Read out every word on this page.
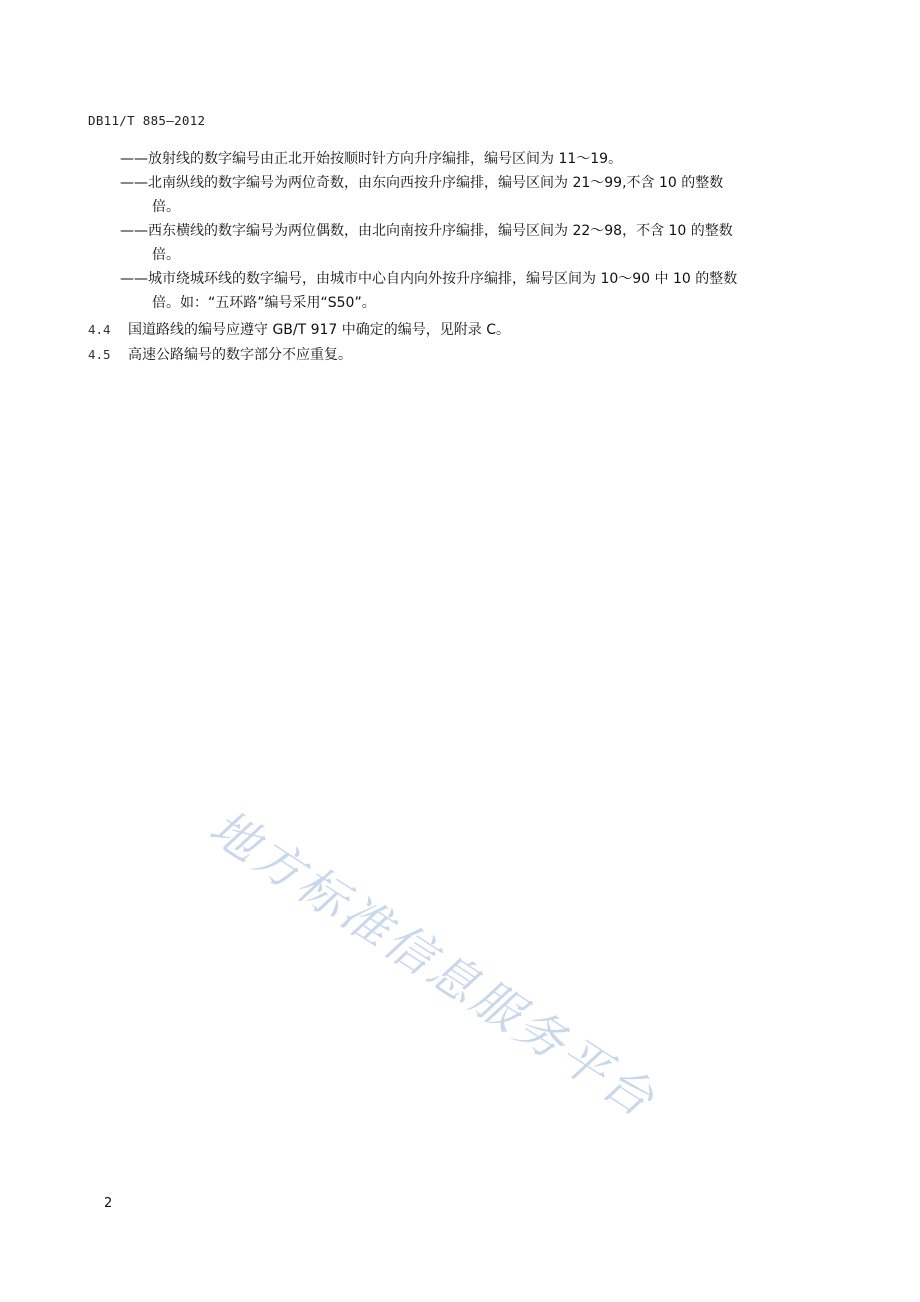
DB11/T 885—2012
——放射线的数字编号由正北开始按顺时针方向升序编排，编号区间为 11～19。
——北南纵线的数字编号为两位奇数，由东向西按升序编排，编号区间为 21～99,不含 10 的整数
倍。
——西东横线的数字编号为两位偶数，由北向南按升序编排，编号区间为 22～98，不含 10 的整数
倍。
——城市绕城环线的数字编号，由城市中心自内向外按升序编排，编号区间为 10～90 中 10 的整数
倍。如：“五环路”编号采用“S50”。
4.4 国道路线的编号应遵守 GB/T 917 中确定的编号，见附录 C。
4.5 高速公路编号的数字部分不应重复。
地方标准信息服务平台
2
